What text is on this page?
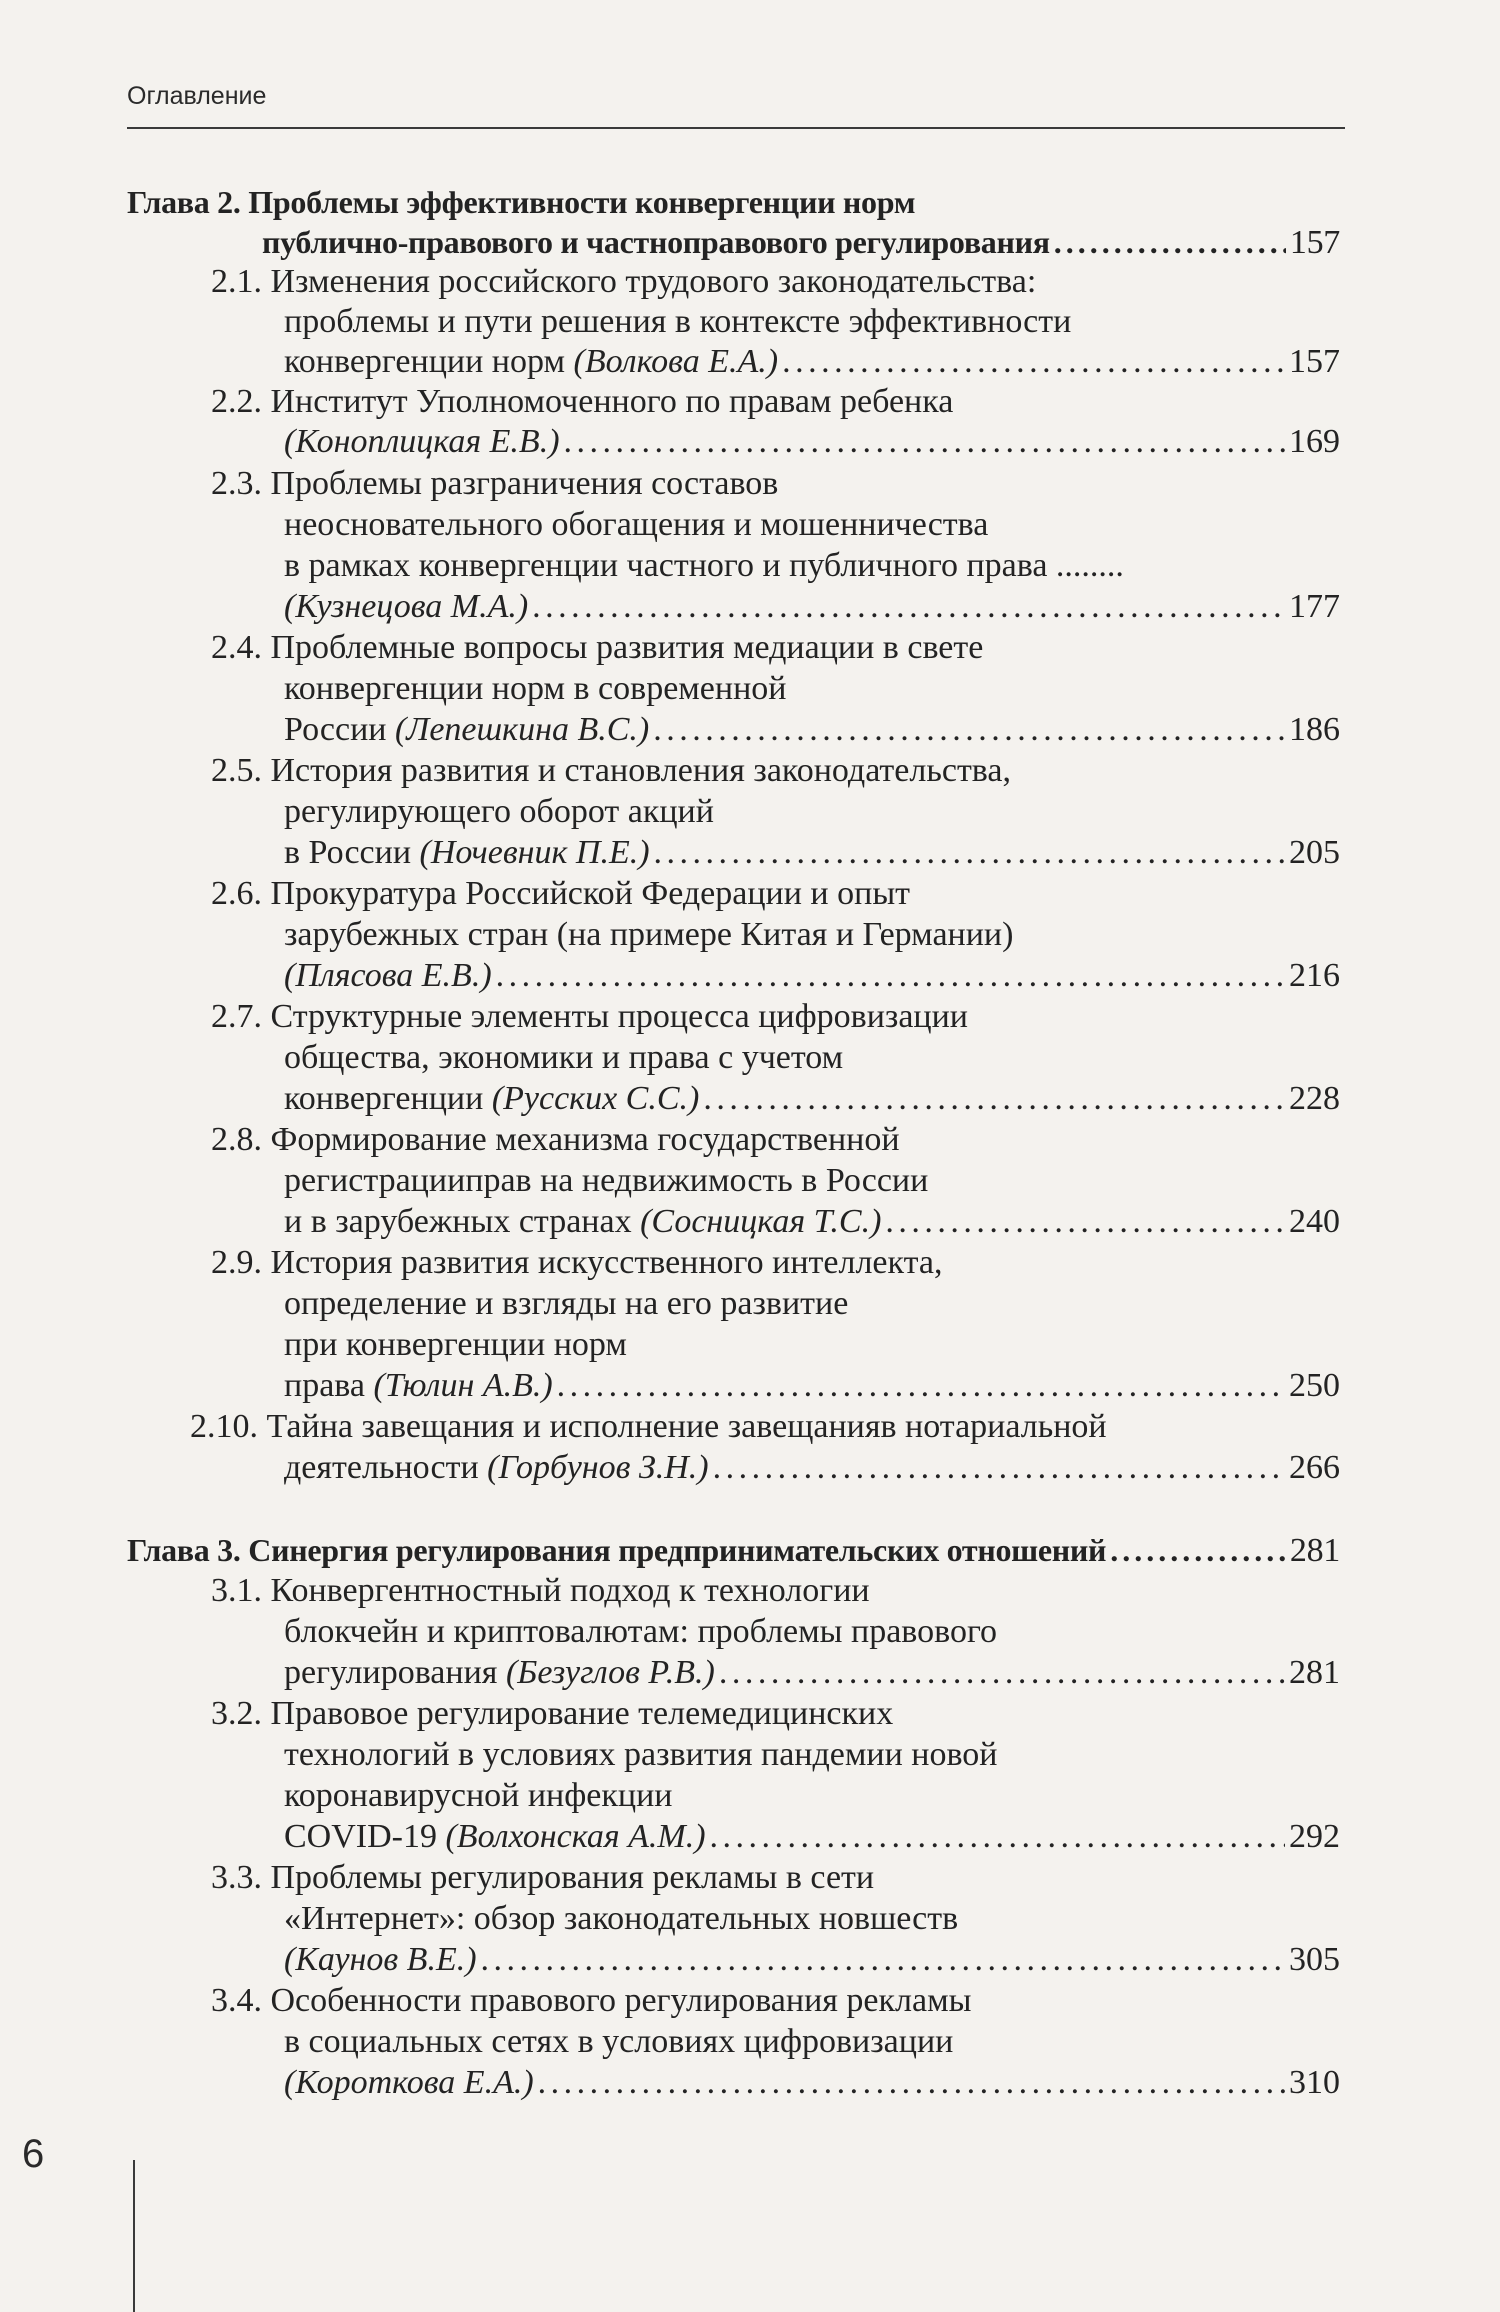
Оглавление
Глава 2. Проблемы эффективности конвергенции норм
публично-правового и частноправового регулирования . . .	157
2.1. Изменения российского трудового законодательства:
проблемы и пути решения в контексте эффективности
конвергенции норм (Волкова Е.А.) . . .	157
2.2. Институт Уполномоченного по правам ребенка
(Коноплицкая Е.В.) . . .	169
2.3. Проблемы разграничения составов
неосновательного обогащения и мошенничества
в рамках конвергенции частного и публичного права ........
(Кузнецова М.А.) . . .	177
2.4. Проблемные вопросы развития медиации в свете
конвергенции норм в современной
России (Лепешкина В.С.) . . .	186
2.5. История развития и становления законодательства,
регулирующего оборот акций
в России (Ночевник П.Е.) . . .	205
2.6. Прокуратура Российской Федерации и опыт
зарубежных стран (на примере Китая и Германии)
(Плясова Е.В.) . . .	216
2.7. Структурные элементы процесса цифровизации
общества, экономики и права с учетом
конвергенции (Русских С.С.) . . .	228
2.8. Формирование механизма государственной
регистрацииправ на недвижимость в России
и в зарубежных странах (Сосницкая Т.С.) . . .	240
2.9. История развития искусственного интеллекта,
определение и взгляды на его развитие
при конвергенции норм
права (Тюлин А.В.) . . .	250
2.10. Тайна завещания и исполнение завещанияв нотариальной
деятельности (Горбунов З.Н.) . . .	266
Глава 3. Синергия регулирования предпринимательских отношений . . .	281
3.1. Конвергентностный подход к технологии
блокчейн и криптовалютам: проблемы правового
регулирования (Безуглов Р.В.) . . .	281
3.2. Правовое регулирование телемедицинских
технологий в условиях развития пандемии новой
коронавирусной инфекции
COVID-19 (Волхонская А.М.) . . .	292
3.3. Проблемы регулирования рекламы в сети
«Интернет»: обзор законодательных новшеств
(Каунов В.Е.) . . .	305
3.4. Особенности правового регулирования рекламы
в социальных сетях в условиях цифровизации
(Короткова Е.А.) . . .	310
6
